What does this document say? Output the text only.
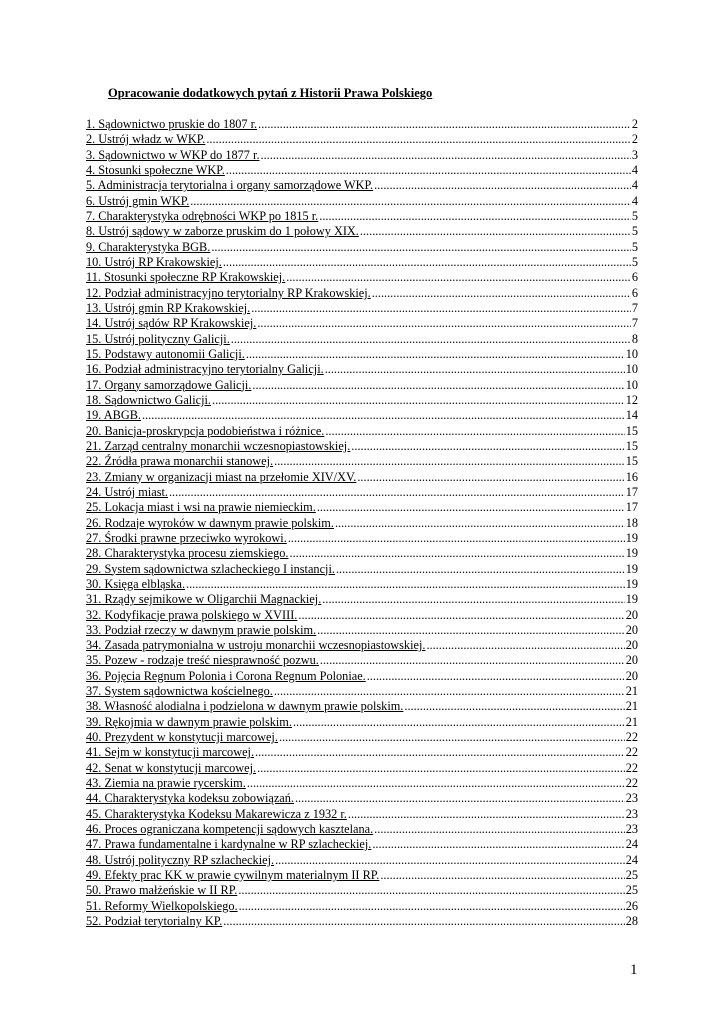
Opracowanie dodatkowych pytań z Historii Prawa Polskiego
1. Sądownictwo pruskie do 1807 r. .....	2
2. Ustrój władz w WKP. .....	2
3. Sądownictwo w WKP do 1877 r. .....	3
4. Stosunki społeczne WKP. .....	4
5. Administracja terytorialna i organy samorządowe WKP. .....	4
6. Ustrój gmin WKP. .....	4
7. Charakterystyka odrębności WKP po 1815 r. .....	5
8. Ustrój sądowy w zaborze pruskim do 1 połowy XIX. .....	5
9. Charakterystyka BGB. .....	5
10. Ustrój RP Krakowskiej. .....	5
11. Stosunki społeczne RP Krakowskiej. .....	6
12. Podział administracyjno terytorialny RP Krakowskiej. .....	6
13. Ustrój gmin RP Krakowskiej. .....	7
14. Ustrój sądów RP Krakowskiej. .....	7
15. Ustrój polityczny Galicji. .....	8
15. Podstawy autonomii Galicji. .....	10
16. Podział administracyjno terytorialny Galicji. .....	10
17. Organy samorządowe Galicji. .....	10
18. Sądownictwo Galicji. .....	12
19. ABGB. .....	14
20. Banicja-proskrypcja podobieństwa i różnice. .....	15
21. Zarząd centralny monarchii wczesnopiastowskiej. .....	15
22. Źródła prawa monarchii stanowej. .....	15
23. Zmiany w organizacji miast na przełomie XIV/XV. .....	16
24. Ustrój miast. .....	17
25. Lokacja miast i wsi na prawie niemieckim. .....	17
26. Rodzaje wyroków w dawnym prawie polskim. .....	18
27. Środki prawne przeciwko wyrokowi. .....	19
28. Charakterystyka procesu ziemskiego. .....	19
29. System sądownictwa szlacheckiego I instancji. .....	19
30. Księga elbląska. .....	19
31. Rządy sejmikowe w Oligarchii Magnackiej. .....	19
32. Kodyfikacje prawa polskiego w XVIII. .....	20
33. Podział rzeczy w dawnym prawie polskim. .....	20
34. Zasada patrymonialna w ustroju monarchii wczesnopiastowskiej. .....	20
35. Pozew - rodzaje treść niesprawność pozwu. .....	20
36. Pojęcia Regnum Polonia i Corona Regnum Poloniae. .....	20
37. System sądownictwa kościelnego. .....	21
38. Własność alodialna i podzielona w dawnym prawie polskim. .....	21
39. Rękojmia w dawnym prawie polskim. .....	21
40. Prezydent w konstytucji marcowej. .....	22
41. Sejm w konstytucji marcowej. .....	22
42. Senat w konstytucji marcowej. .....	22
43. Ziemia na prawie rycerskim. .....	22
44. Charakterystyka kodeksu zobowiązań. .....	23
45. Charakterystyka Kodeksu Makarewicza z 1932 r. .....	23
46. Proces ograniczana kompetencji sądowych kasztelana. .....	23
47. Prawa fundamentalne i kardynalne w RP szlacheckiej. .....	24
48. Ustrój polityczny RP szlacheckiej. .....	24
49. Efekty prac KK w prawie cywilnym materialnym II RP. .....	25
50. Prawo małżeńskie w II RP. .....	25
51. Reformy Wielkopolskiego. .....	26
52. Podział terytorialny KP. .....	28
1
